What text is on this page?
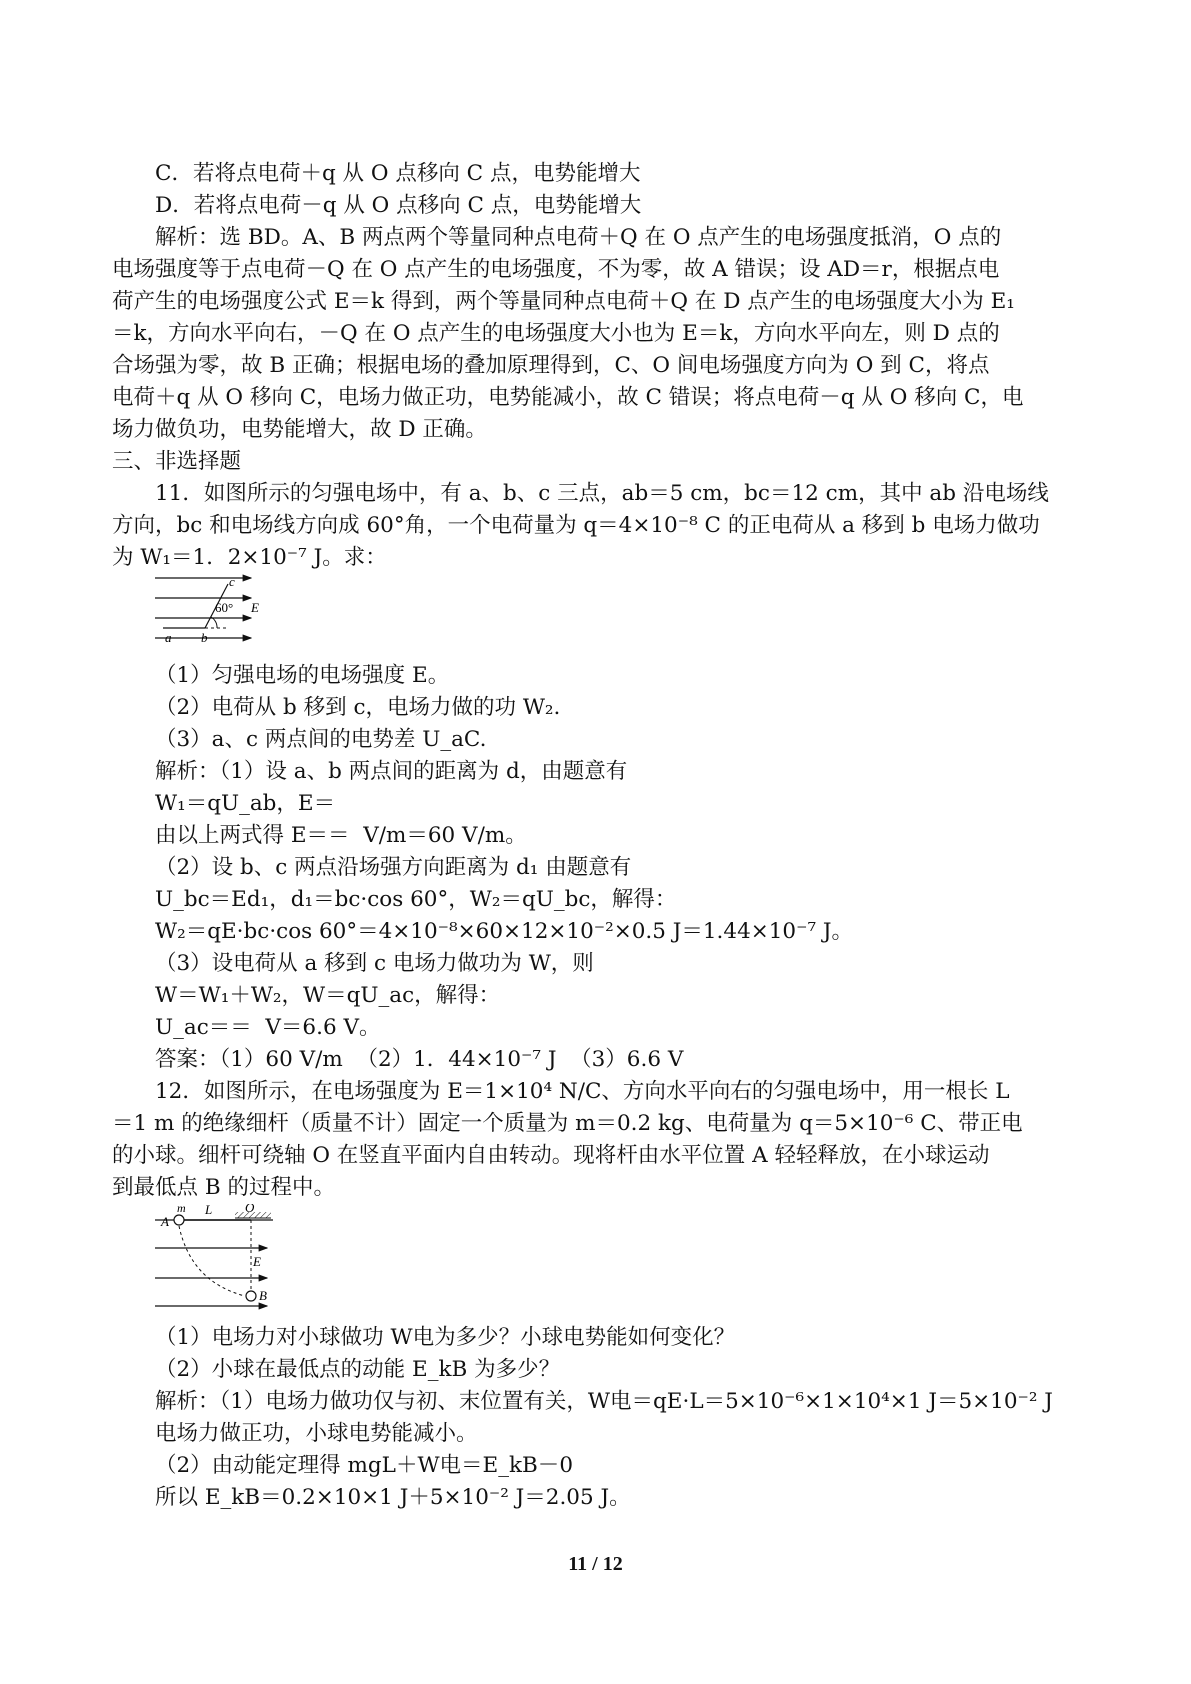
C．若将点电荷＋q 从 O 点移向 C 点，电势能增大
D．若将点电荷－q 从 O 点移向 C 点，电势能增大
解析：选 BD。A、B 两点两个等量同种点电荷＋Q 在 O 点产生的电场强度抵消，O 点的
电场强度等于点电荷－Q 在 O 点产生的电场强度，不为零，故 A 错误；设 AD＝r，根据点电
荷产生的电场强度公式 E＝k 得到，两个等量同种点电荷＋Q 在 D 点产生的电场强度大小为 E₁
＝k，方向水平向右，－Q 在 O 点产生的电场强度大小也为 E＝k，方向水平向左，则 D 点的
合场强为零，故 B 正确；根据电场的叠加原理得到，C、O 间电场强度方向为 O 到 C，将点
电荷＋q 从 O 移向 C，电场力做正功，电势能减小，故 C 错误；将点电荷－q 从 O 移向 C，电
场力做负功，电势能增大，故 D 正确。
三、非选择题
11．如图所示的匀强电场中，有 a、b、c 三点，ab＝5 cm，bc＝12 cm，其中 ab 沿电场线
方向，bc 和电场线方向成 60°角，一个电荷量为 q＝4×10⁻⁸ C 的正电荷从 a 移到 b 电场力做功
为 W₁＝1．2×10⁻⁷ J。求：
c
60° E
a b
（1）匀强电场的电场强度 E。
（2）电荷从 b 移到 c，电场力做的功 W₂.
（3）a、c 两点间的电势差 U_aC.
解析：（1）设 a、b 两点间的距离为 d，由题意有
W₁＝qU_ab，E＝
由以上两式得 E＝＝  V/m＝60 V/m。
（2）设 b、c 两点沿场强方向距离为 d₁ 由题意有
U_bc＝Ed₁，d₁＝bc·cos 60°，W₂＝qU_bc，解得：
W₂＝qE·bc·cos 60°＝4×10⁻⁸×60×12×10⁻²×0.5 J＝1.44×10⁻⁷ J。
（3）设电荷从 a 移到 c 电场力做功为 W，则
W＝W₁＋W₂，W＝qU_ac，解得：
U_ac＝＝  V＝6.6 V。
答案：（1）60 V/m  （2）1．44×10⁻⁷ J  （3）6.6 V
12．如图所示，在电场强度为 E＝1×10⁴ N/C、方向水平向右的匀强电场中，用一根长 L
＝1 m 的绝缘细杆（质量不计）固定一个质量为 m＝0.2 kg、电荷量为 q＝5×10⁻⁶ C、带正电
的小球。细杆可绕轴 O 在竖直平面内自由转动。现将杆由水平位置 A 轻轻释放，在小球运动
到最低点 B 的过程中。
m L	O
A
E
B
（1）电场力对小球做功 W电为多少？小球电势能如何变化？
（2）小球在最低点的动能 E_kB 为多少？
解析：（1）电场力做功仅与初、末位置有关，W电＝qE·L＝5×10⁻⁶×1×10⁴×1 J＝5×10⁻² J
电场力做正功，小球电势能减小。
（2）由动能定理得 mgL＋W电＝E_kB－0
所以 E_kB＝0.2×10×1 J＋5×10⁻² J＝2.05 J。
11 / 12
